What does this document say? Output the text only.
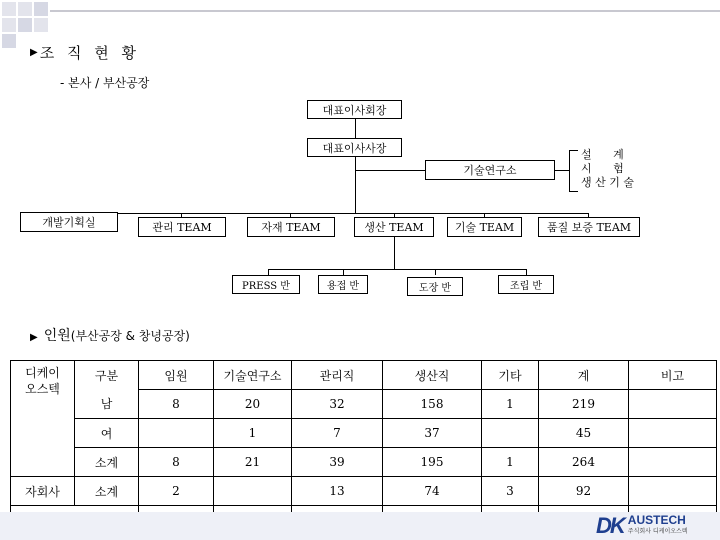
▶ 조 직 현 황
- 본사 / 부산공장
대표이사회장
대표이사사장
기술연구소
설 계
시 험
생 산 기 술
개발기획실	관리 TEAM	자재 TEAM	생산 TEAM	기술 TEAM	품질 보증 TEAM
PRESS 반	용접 반	도장 반	조립 반
▶ 인원 (부산공장 & 창녕공장)
디케이
오스텍	구분	임원	기술연구소	관리직	생산직	기타	계	비고
	남	8	20	32	158	1	219	
	여		1	7	37		45	
	소계	8	21	39	195	1	264	
자회사	소계	2		13	74	3	92	

DK AUSTECH
주식회사 디케이오스텍
